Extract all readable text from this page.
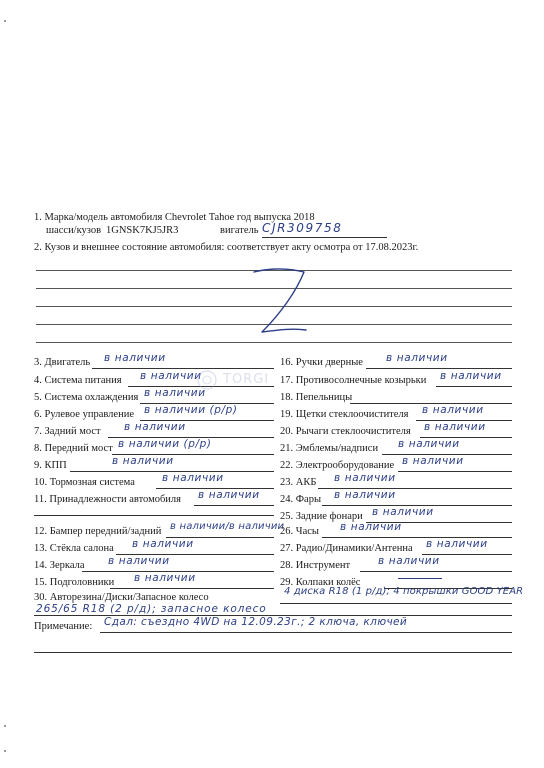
1. Марка/модель автомобиля Chevrolet Tahoe год выпуска 2018
шасси/кузов 1GNSK7KJ5JR3	вигатель CJR309758
2. Кузов и внешнее состояние автомобиля: соответствует акту осмотра от 17.08.2023г.
3. Двигатель в наличии
4. Система питания в наличии
5. Система охлаждения в наличии
6. Рулевое управление в наличии (р/р)
7. Задний мост в наличии
8. Передний мост в наличии (р/р)
9. КПП	в наличии
10. Тормозная система	в наличии
11. Принадлежности автомобиля в наличии
12. Бампер передний/задний в наличии/в наличии
13. Стёкла салона в наличии
14. Зеркала в наличии
15. Подголовники в наличии
16. Ручки дверные в наличии
17. Противосолнечные козырьки в наличии
18. Пепельницы
19. Щетки стеклоочистителя в наличии
20. Рычаги стеклоочистителя в наличии
21. Эмблемы/надписи в наличии
22. Электрооборудование в наличии
23. АКБ в наличии
24. Фары в наличии
25. Задние фонари в наличии
26. Часы в наличии
27. Радио/Динамики/Антенна в наличии
28. Инструмент	в наличии
29. Колпаки колёс
30. Авторезина/Диски/Запасное колесо
4 диска R18 (1 р/д); 4 покрышки GOOD YEAR
265/65 R18 (2 р/д); запасное колесо
Примечание: Сдал: съездно 4WD на 12.09.23г.; 2 ключа, ключей
TORGI
